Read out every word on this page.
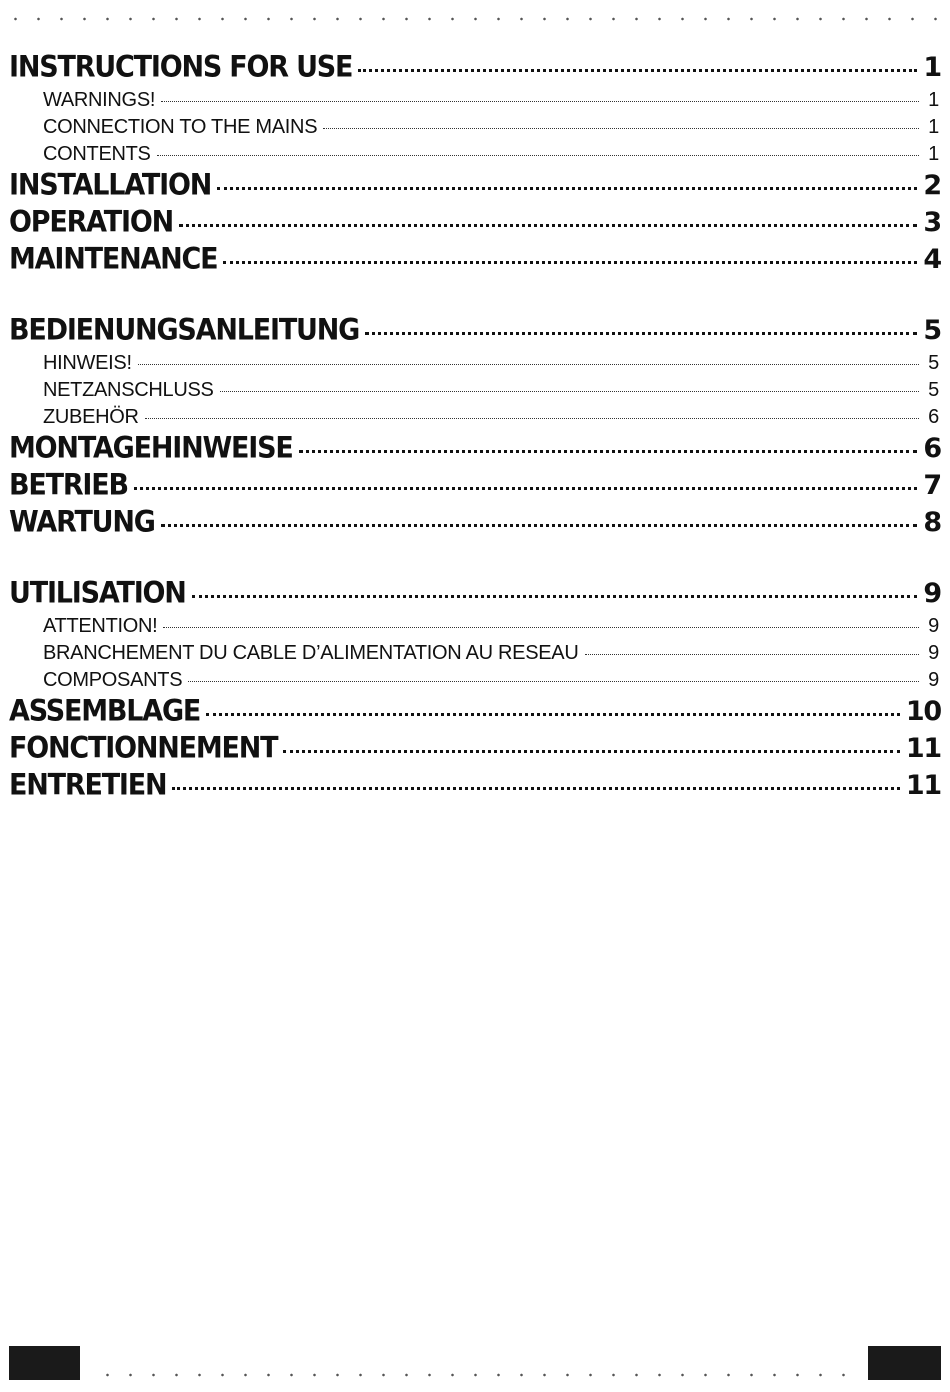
INSTRUCTIONS FOR USE	1
WARNINGS!	1
CONNECTION TO THE MAINS	1
CONTENTS	1
INSTALLATION	2
OPERATION	3
MAINTENANCE	4
BEDIENUNGSANLEITUNG	5
HINWEIS!	5
NETZANSCHLUSS	5
ZUBEHÖR	6
MONTAGEHINWEISE	6
BETRIEB	7
WARTUNG	8
UTILISATION	9
ATTENTION!	9
BRANCHEMENT DU CABLE D’ALIMENTATION AU RESEAU	9
COMPOSANTS	9
ASSEMBLAGE	10
FONCTIONNEMENT	11
ENTRETIEN	11
